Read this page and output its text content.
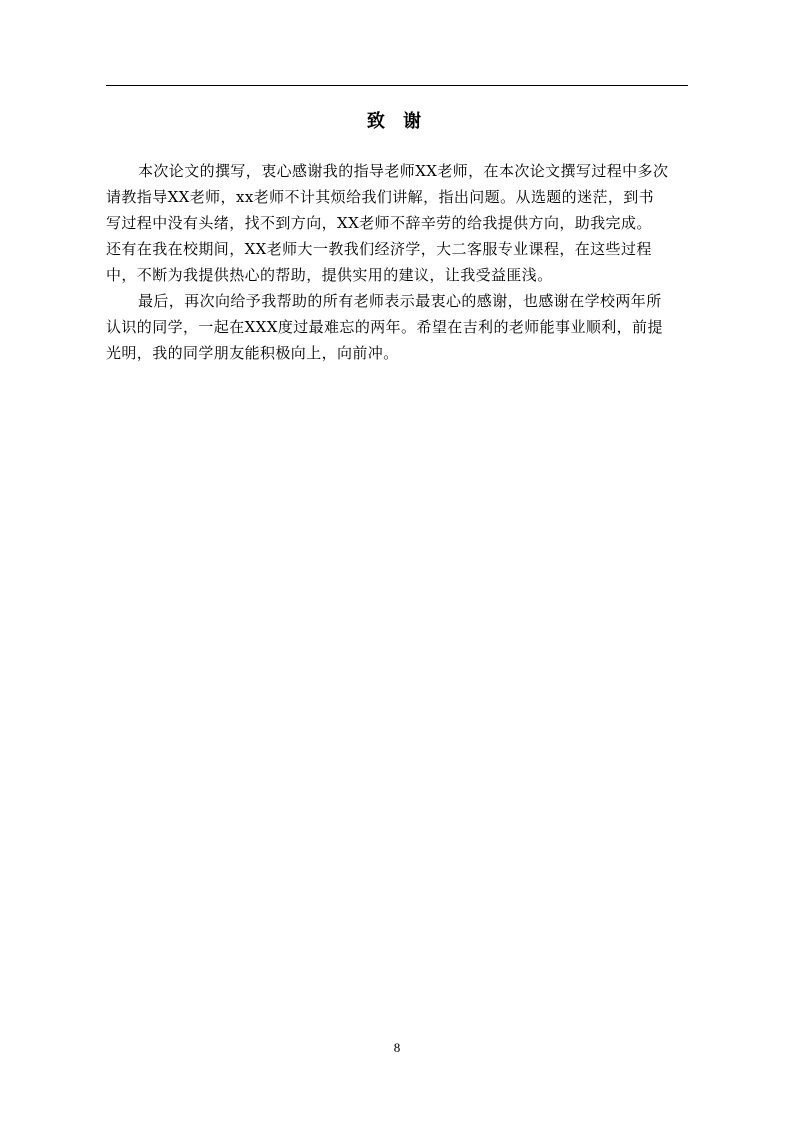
致 谢

本次论文的撰写，衷心感谢我的指导老师XX老师，在本次论文撰写过程中多次

请教指导XX老师，xx老师不计其烦给我们讲解，指出问题。从选题的迷茫，到书

写过程中没有头绪，找不到方向，XX老师不辞辛劳的给我提供方向，助我完成。

还有在我在校期间，XX老师大一教我们经济学，大二客服专业课程，在这些过程

中，不断为我提供热心的帮助，提供实用的建议，让我受益匪浅。

最后，再次向给予我帮助的所有老师表示最衷心的感谢，也感谢在学校两年所

认识的同学，一起在XXX度过最难忘的两年。希望在吉利的老师能事业顺利，前提

光明，我的同学朋友能积极向上，向前冲。

8
